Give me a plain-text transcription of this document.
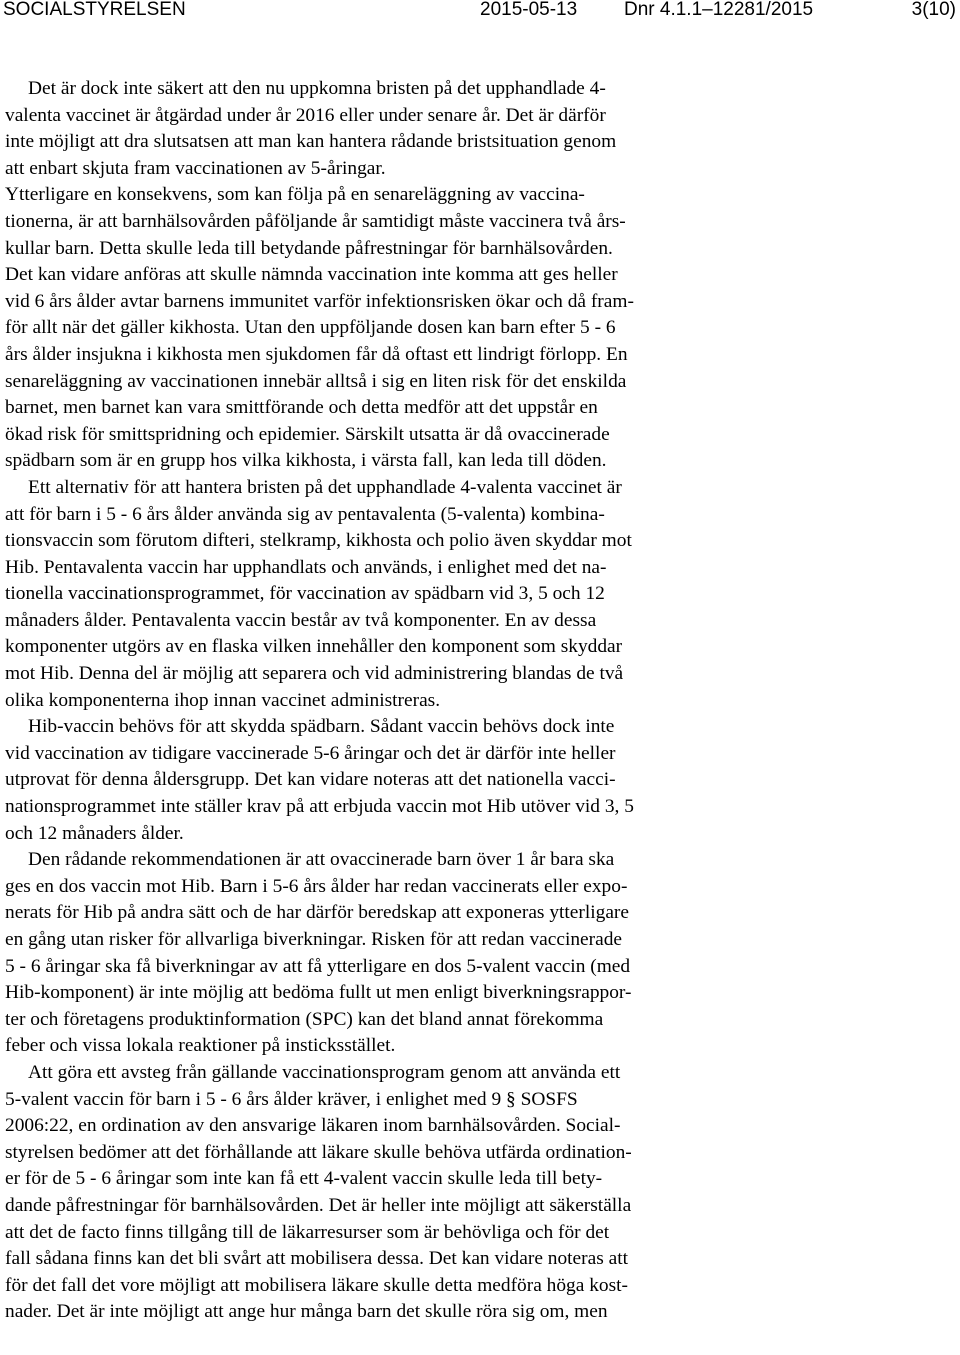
SOCIALSTYRELSEN	2015-05-13 Dnr 4.1.1–12281/2015	3(10)
Det är dock inte säkert att den nu uppkomna bristen på det upphandlade 4-
valenta vaccinet är åtgärdad under år 2016 eller under senare år. Det är därför
inte möjligt att dra slutsatsen att man kan hantera rådande bristsituation genom
att enbart skjuta fram vaccinationen av 5-åringar.
Ytterligare en konsekvens, som kan följa på en senareläggning av vaccina-
tionerna, är att barnhälsovården påföljande år samtidigt måste vaccinera två års-
kullar barn. Detta skulle leda till betydande påfrestningar för barnhälsovården.
Det kan vidare anföras att skulle nämnda vaccination inte komma att ges heller
vid 6 års ålder avtar barnens immunitet varför infektionsrisken ökar och då fram-
för allt när det gäller kikhosta. Utan den uppföljande dosen kan barn efter 5 - 6
års ålder insjukna i kikhosta men sjukdomen får då oftast ett lindrigt förlopp. En
senareläggning av vaccinationen innebär alltså i sig en liten risk för det enskilda
barnet, men barnet kan vara smittförande och detta medför att det uppstår en
ökad risk för smittspridning och epidemier. Särskilt utsatta är då ovaccinerade
spädbarn som är en grupp hos vilka kikhosta, i värsta fall, kan leda till döden.
Ett alternativ för att hantera bristen på det upphandlade 4-valenta vaccinet är
att för barn i 5 - 6 års ålder använda sig av pentavalenta (5-valenta) kombina-
tionsvaccin som förutom difteri, stelkramp, kikhosta och polio även skyddar mot
Hib. Pentavalenta vaccin har upphandlats och används, i enlighet med det na-
tionella vaccinationsprogrammet, för vaccination av spädbarn vid 3, 5 och 12
månaders ålder. Pentavalenta vaccin består av två komponenter. En av dessa
komponenter utgörs av en flaska vilken innehåller den komponent som skyddar
mot Hib. Denna del är möjlig att separera och vid administrering blandas de två
olika komponenterna ihop innan vaccinet administreras.
Hib-vaccin behövs för att skydda spädbarn. Sådant vaccin behövs dock inte
vid vaccination av tidigare vaccinerade 5-6 åringar och det är därför inte heller
utprovat för denna åldersgrupp. Det kan vidare noteras att det nationella vacci-
nationsprogrammet inte ställer krav på att erbjuda vaccin mot Hib utöver vid 3, 5
och 12 månaders ålder.
Den rådande rekommendationen är att ovaccinerade barn över 1 år bara ska
ges en dos vaccin mot Hib. Barn i 5-6 års ålder har redan vaccinerats eller expo-
nerats för Hib på andra sätt och de har därför beredskap att exponeras ytterligare
en gång utan risker för allvarliga biverkningar. Risken för att redan vaccinerade
5 - 6 åringar ska få biverkningar av att få ytterligare en dos 5-valent vaccin (med
Hib-komponent) är inte möjlig att bedöma fullt ut men enligt biverkningsrappor-
ter och företagens produktinformation (SPC) kan det bland annat förekomma
feber och vissa lokala reaktioner på insticksstället.
Att göra ett avsteg från gällande vaccinationsprogram genom att använda ett
5-valent vaccin för barn i 5 - 6 års ålder kräver, i enlighet med 9 § SOSFS
2006:22, en ordination av den ansvarige läkaren inom barnhälsovården. Social-
styrelsen bedömer att det förhållande att läkare skulle behöva utfärda ordination-
er för de 5 - 6 åringar som inte kan få ett 4-valent vaccin skulle leda till bety-
dande påfrestningar för barnhälsovården. Det är heller inte möjligt att säkerställa
att det de facto finns tillgång till de läkarresurser som är behövliga och för det
fall sådana finns kan det bli svårt att mobilisera dessa. Det kan vidare noteras att
för det fall det vore möjligt att mobilisera läkare skulle detta medföra höga kost-
nader. Det är inte möjligt att ange hur många barn det skulle röra sig om, men
